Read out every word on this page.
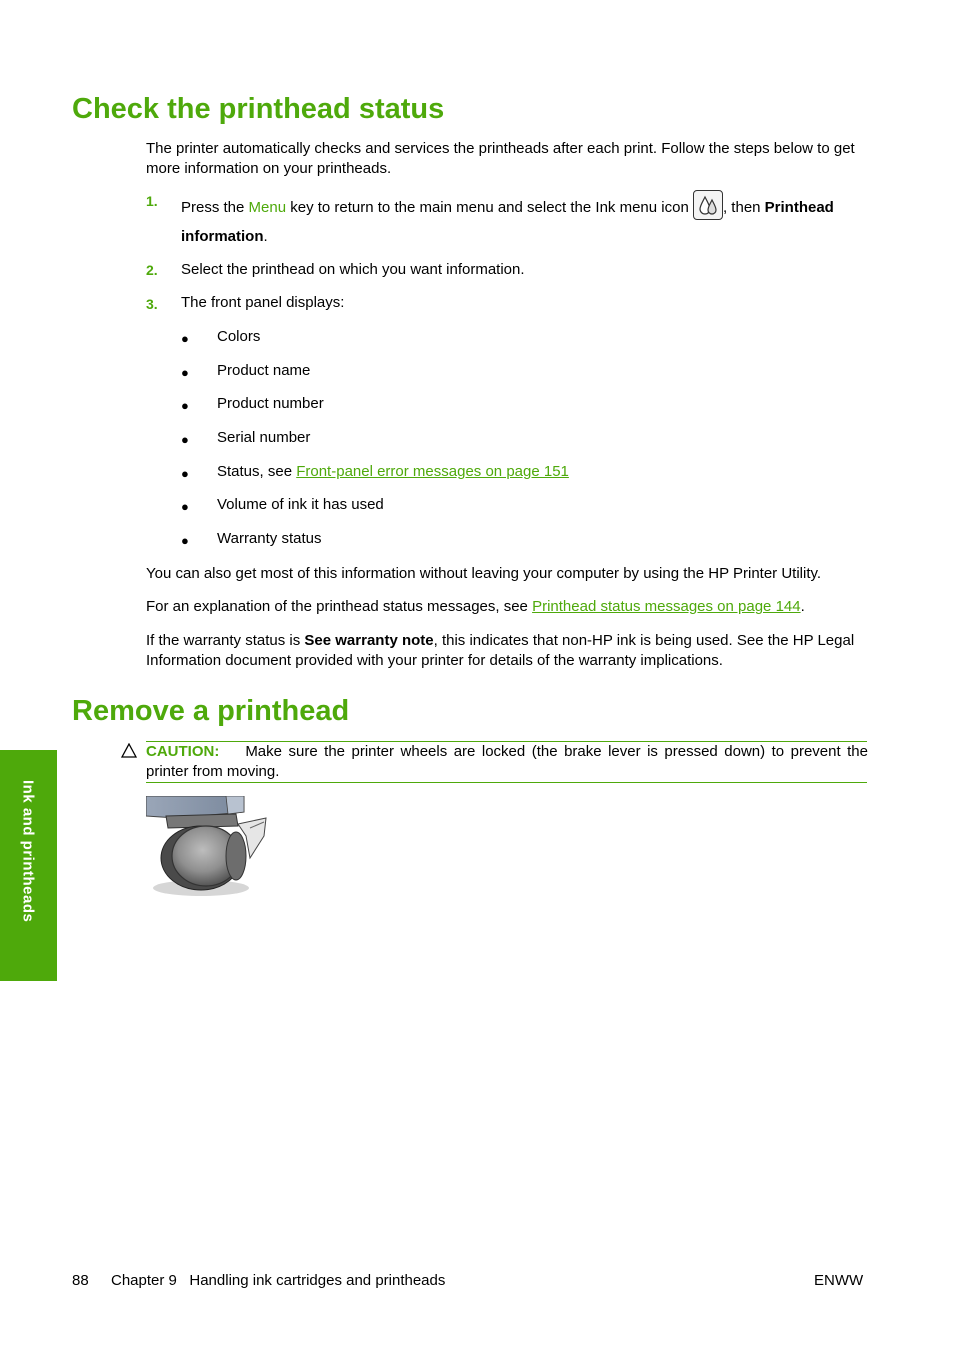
Check the printhead status

The printer automatically checks and services the printheads after each print. Follow the steps below to get more information on your printheads.

1. Press the Menu key to return to the main menu and select the Ink menu icon , then Printhead
information.
2. Select the printhead on which you want information.
3. The front panel displays:
● Colors
● Product name
● Product number
● Serial number
● Status, see Front-panel error messages on page 151
● Volume of ink it has used
● Warranty status

You can also get most of this information without leaving your computer by using the HP Printer Utility.

For an explanation of the printhead status messages, see Printhead status messages on page 144.

If the warranty status is See warranty note, this indicates that non-HP ink is being used. See the HP Legal Information document provided with your printer for details of the warranty implications.

Remove a printhead

CAUTION: Make sure the printer wheels are locked (the brake lever is pressed down) to prevent the printer from moving.

Ink and printheads
88 Chapter 9   Handling ink cartridges and printheads	ENWW
